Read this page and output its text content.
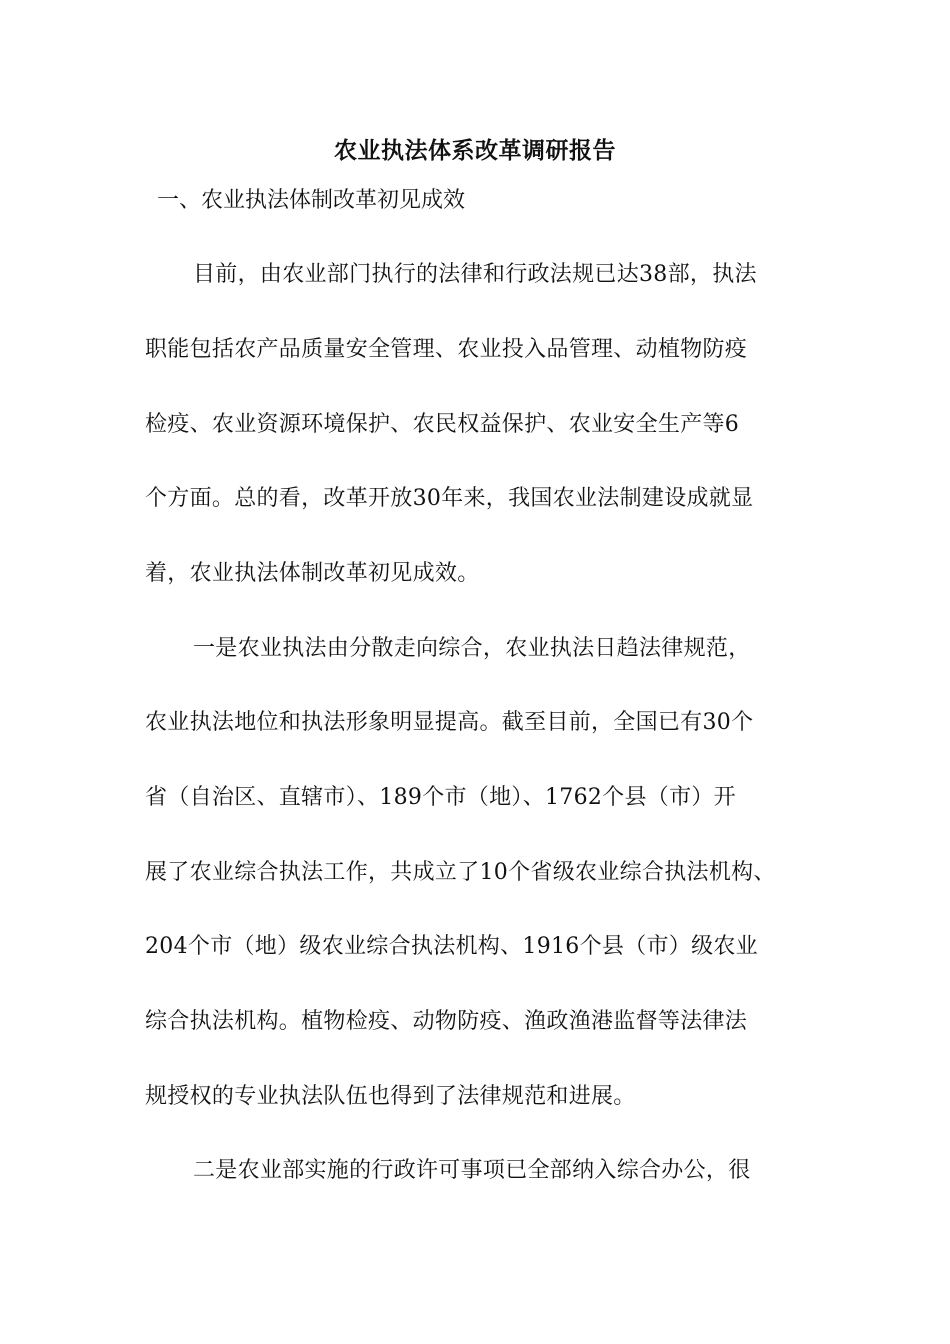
农业执法体系改革调研报告
一、农业执法体制改革初见成效
目前，由农业部门执行的法律和行政法规已达38部，执法
职能包括农产品质量安全管理、农业投入品管理、动植物防疫
检疫、农业资源环境保护、农民权益保护、农业安全生产等6
个方面。总的看，改革开放30年来，我国农业法制建设成就显
着，农业执法体制改革初见成效。
一是农业执法由分散走向综合，农业执法日趋法律规范，
农业执法地位和执法形象明显提高。截至目前，全国已有30个
省（自治区、直辖市）、189个市（地）、1762个县（市）开
展了农业综合执法工作，共成立了10个省级农业综合执法机构、
204个市（地）级农业综合执法机构、1916个县（市）级农业
综合执法机构。植物检疫、动物防疫、渔政渔港监督等法律法
规授权的专业执法队伍也得到了法律规范和进展。
二是农业部实施的行政许可事项已全部纳入综合办公，很
